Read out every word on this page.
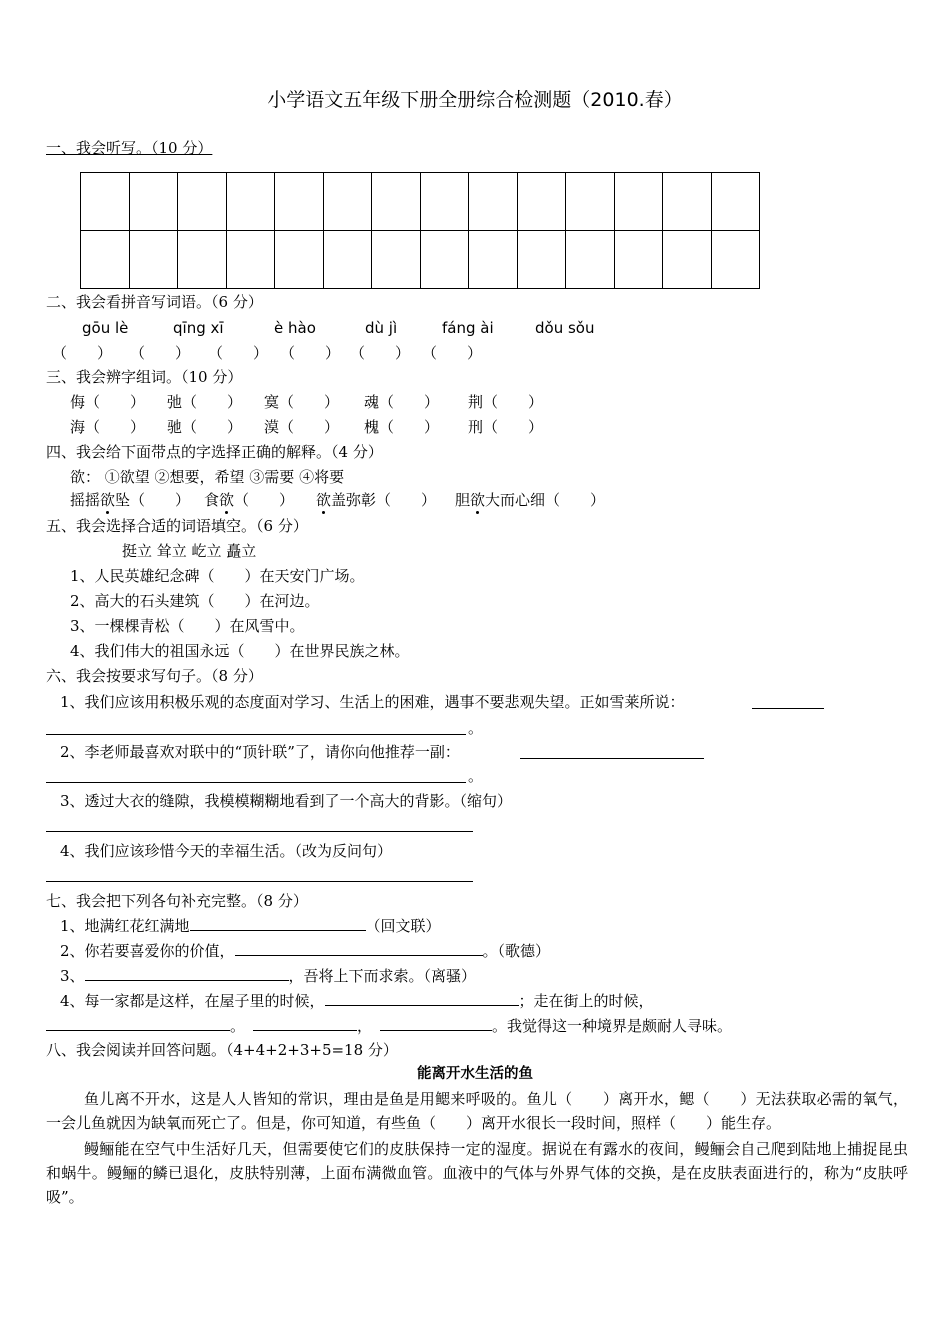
小学语文五年级下册全册综合检测题（2010.春）
一、我会听写。（10 分）

二、我会看拼音写词语。（6 分）
gōu lè	qīng xī	è hào	dù jì	fáng ài	dǒu sǒu
（　　） （　　） （　　） （　　） （　　） （　　）
三、我会辨字组词。（10 分）
侮（　　） 弛（　　） 寞（　　） 魂（　　） 荆（　　）
海（　　） 驰（　　） 漠（　　） 槐（　　） 刑（　　）
四、我会给下面带点的字选择正确的解释。（4 分）
欲： ①欲望 ②想要，希望 ③需要 ④将要
摇摇欲坠（　　） 食欲（　　） 欲盖弥彰（　　） 胆欲大而心细（　　）
五、我会选择合适的词语填空。（6 分）
挺立 耸立 屹立 矗立
1、人民英雄纪念碑（　　）在天安门广场。
2、高大的石头建筑（　　）在河边。
3、一棵棵青松（　　）在风雪中。
4、我们伟大的祖国永远（　　）在世界民族之林。
六、我会按要求写句子。（8 分）
1、我们应该用积极乐观的态度面对学习、生活上的困难，遇事不要悲观失望。正如雪莱所说：
。
2、李老师最喜欢对联中的“顶针联”了，请你向他推荐一副：
。
3、透过大衣的缝隙，我模模糊糊地看到了一个高大的背影。（缩句）
4、我们应该珍惜今天的幸福生活。（改为反问句）
七、我会把下列各句补充完整。（8 分）
1、地满红花红满地	（回文联）
2、你若要喜爱你的价值，	。（歌德）
3、	，吾将上下而求索。（离骚）
4、每一家都是这样，在屋子里的时候，	；走在街上的时候，
。	，	。我觉得这一种境界是颇耐人寻味。
八、我会阅读并回答问题。（4+4+2+3+5=18 分）
能离开水生活的鱼
鱼儿离不开水，这是人人皆知的常识，理由是鱼是用鳃来呼吸的。鱼儿（　　）离开水，鳃（　　）无法获取必需的氧气，一会儿鱼就因为缺氧而死亡了。但是，你可知道，有些鱼（　　）离开水很长一段时间，照样（　　）能生存。
鳗鲡能在空气中生活好几天，但需要使它们的皮肤保持一定的湿度。据说在有露水的夜间，鳗鲡会自己爬到陆地上捕捉昆虫和蜗牛。鳗鲡的鳞已退化，皮肤特别薄，上面布满微血管。血液中的气体与外界气体的交换，是在皮肤表面进行的，称为“皮肤呼吸”。
